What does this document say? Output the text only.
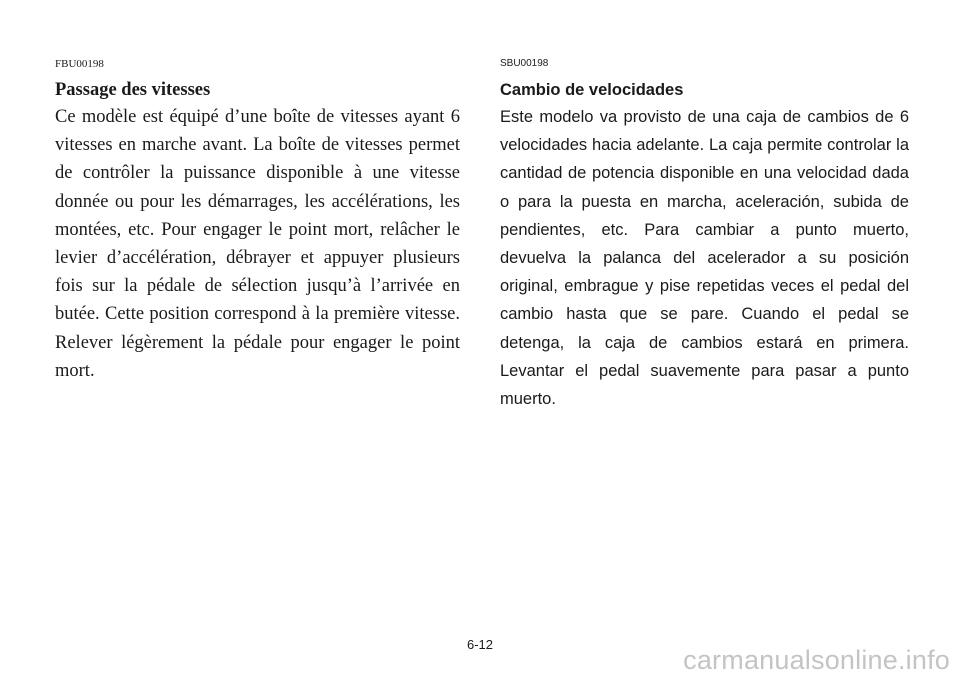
FBU00198

Passage des vitesses

Ce modèle est équipé d’une boîte de vitesses ayant 6 vitesses en marche avant. La boîte de vitesses permet de contrôler la puissance disponible à une vitesse donnée ou pour les démarrages, les accélérations, les montées, etc. Pour engager le point mort, relâcher le levier d’accélération, débrayer et appuyer plusieurs fois sur la pédale de sélection jusqu’à l’arrivée en butée. Cette position correspond à la première vitesse. Relever légèrement la pédale pour engager le point mort.

SBU00198

Cambio de velocidades

Este modelo va provisto de una caja de cambios de 6 velocidades hacia adelante. La caja permite controlar la cantidad de potencia disponible en una velocidad dada o para la puesta en marcha, aceleración, subida de pendientes, etc. Para cambiar a punto muerto, devuelva la palanca del acelerador a su posición original, embrague y pise repetidas veces el pedal del cambio hasta que se pare. Cuando el pedal se detenga, la caja de cambios estará en primera. Levantar el pedal suavemente para pasar a punto muerto.

6-12
carmanualsonline.info
